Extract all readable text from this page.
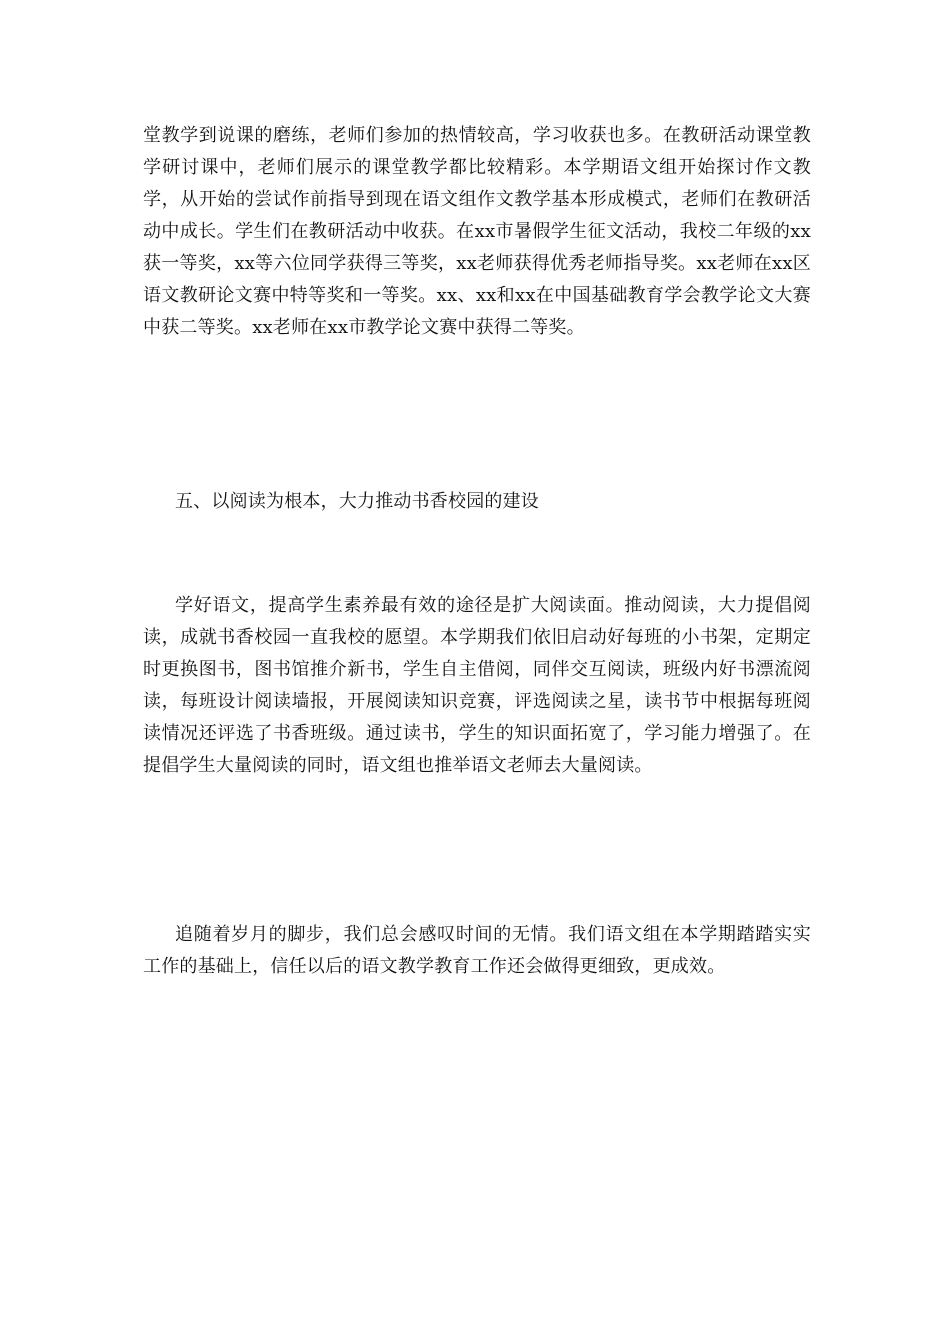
堂教学到说课的磨练，老师们参加的热情较高，学习收获也多。在教研活动课堂教学研讨课中，老师们展示的课堂教学都比较精彩。本学期语文组开始探讨作文教学，从开始的尝试作前指导到现在语文组作文教学基本形成模式，老师们在教研活动中成长。学生们在教研活动中收获。在xx市暑假学生征文活动，我校二年级的xx获一等奖，xx等六位同学获得三等奖，xx老师获得优秀老师指导奖。xx老师在xx区语文教研论文赛中特等奖和一等奖。xx、xx和xx在中国基础教育学会教学论文大赛中获二等奖。xx老师在xx市教学论文赛中获得二等奖。

五、以阅读为根本，大力推动书香校园的建设

学好语文，提高学生素养最有效的途径是扩大阅读面。推动阅读，大力提倡阅读，成就书香校园一直我校的愿望。本学期我们依旧启动好每班的小书架，定期定时更换图书，图书馆推介新书，学生自主借阅，同伴交互阅读，班级内好书漂流阅读，每班设计阅读墙报，开展阅读知识竞赛，评选阅读之星，读书节中根据每班阅读情况还评选了书香班级。通过读书，学生的知识面拓宽了，学习能力增强了。在提倡学生大量阅读的同时，语文组也推举语文老师去大量阅读。

追随着岁月的脚步，我们总会感叹时间的无情。我们语文组在本学期踏踏实实工作的基础上，信任以后的语文教学教育工作还会做得更细致，更成效。
